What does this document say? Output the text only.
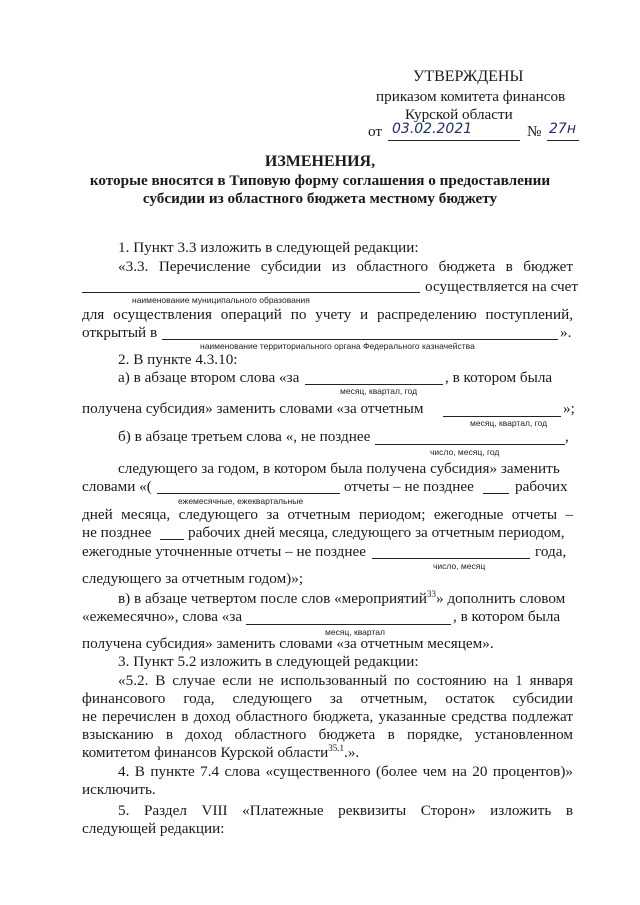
УТВЕРЖДЕНЫ
приказом комитета финансов
Курской области
от 03.02.2021	№ 27н
ИЗМЕНЕНИЯ,
которые вносятся в Типовую форму соглашения о предоставлении
субсидии из областного бюджета местному бюджету
1. Пункт 3.3 изложить в следующей редакции:
«3.3. Перечисление субсидии из областного бюджета в бюджет
осуществляется на счет
наименование муниципального образования
для осуществления операций по учету и распределению поступлений,
открытый в	».
наименование территориального органа Федерального казначейства
2. В пункте 4.3.10:
а) в абзаце втором слова «за	, в котором была
месяц, квартал, год
получена субсидия» заменить словами «за отчетным	»;
месяц, квартал, год
б) в абзаце третьем слова «, не позднее	,
число, месяц, год
следующего за годом, в котором была получена субсидия» заменить
словами «(	отчеты – не позднее	рабочих
ежемесячные, ежеквартальные
дней месяца, следующего за отчетным периодом; ежегодные отчеты –
не позднее рабочих дней месяца, следующего за отчетным периодом,
ежегодные уточненные отчеты – не позднее	года,
число, месяц
следующего за отчетным годом)»;
в) в абзаце четвертом после слов «мероприятий$^{33}$» дополнить словом
«ежемесячно», слова «за	, в котором была
месяц, квартал
получена субсидия» заменить словами «за отчетным месяцем».
3. Пункт 5.2 изложить в следующей редакции:
«5.2. В случае если не использованный по состоянию на 1 января
финансового года, следующего за отчетным, остаток субсидии
не перечислен в доход областного бюджета, указанные средства подлежат
взысканию в доход областного бюджета в порядке, установленном
комитетом финансов Курской области$^{35.1}$.».
4. В пункте 7.4 слова «существенного (более чем на 20 процентов)»
исключить.
5. Раздел VIII «Платежные реквизиты Сторон» изложить в
следующей редакции:
